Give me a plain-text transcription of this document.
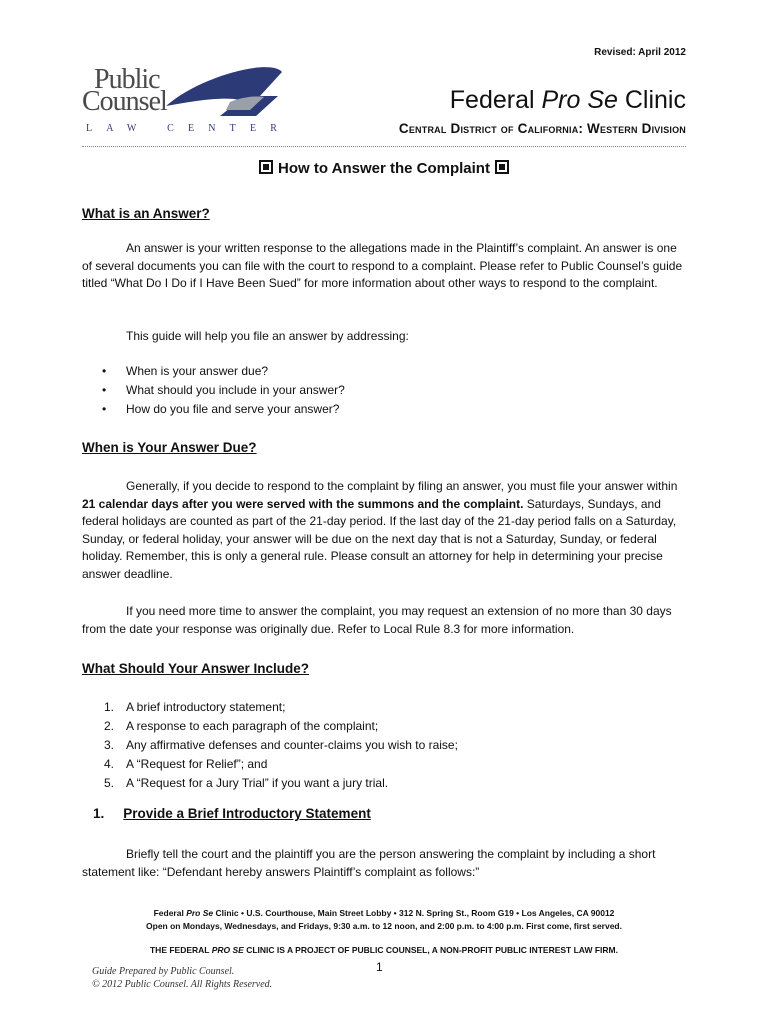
Revised: April 2012
Public
Counsel
LAW CENTER
Federal Pro Se Clinic
Central District of California: Western Division
How to Answer the Complaint
What is an Answer?
An answer is your written response to the allegations made in the Plaintiff’s complaint. An answer is one of several documents you can file with the court to respond to a complaint. Please refer to Public Counsel’s guide titled “What Do I Do if I Have Been Sued” for more information about other ways to respond to the complaint.
This guide will help you file an answer by addressing:
• When is your answer due?
• What should you include in your answer?
• How do you file and serve your answer?
When is Your Answer Due?
Generally, if you decide to respond to the complaint by filing an answer, you must file your answer within 21 calendar days after you were served with the summons and the complaint. Saturdays, Sundays, and federal holidays are counted as part of the 21-day period. If the last day of the 21-day period falls on a Saturday, Sunday, or federal holiday, your answer will be due on the next day that is not a Saturday, Sunday, or federal holiday. Remember, this is only a general rule. Please consult an attorney for help in determining your precise answer deadline.
If you need more time to answer the complaint, you may request an extension of no more than 30 days from the date your response was originally due. Refer to Local Rule 8.3 for more information.
What Should Your Answer Include?
1. A brief introductory statement;
2. A response to each paragraph of the complaint;
3. Any affirmative defenses and counter-claims you wish to raise;
4. A “Request for Relief”; and
5. A “Request for a Jury Trial” if you want a jury trial.
1. Provide a Brief Introductory Statement
Briefly tell the court and the plaintiff you are the person answering the complaint by including a short statement like: “Defendant hereby answers Plaintiff’s complaint as follows:”
Federal Pro Se Clinic • U.S. Courthouse, Main Street Lobby • 312 N. Spring St., Room G19 • Los Angeles, CA 90012
Open on Mondays, Wednesdays, and Fridays, 9:30 a.m. to 12 noon, and 2:00 p.m. to 4:00 p.m. First come, first served.
THE FEDERAL PRO SE CLINIC IS A PROJECT OF PUBLIC COUNSEL, A NON-PROFIT PUBLIC INTEREST LAW FIRM.
1
Guide Prepared by Public Counsel.
© 2012 Public Counsel. All Rights Reserved.
